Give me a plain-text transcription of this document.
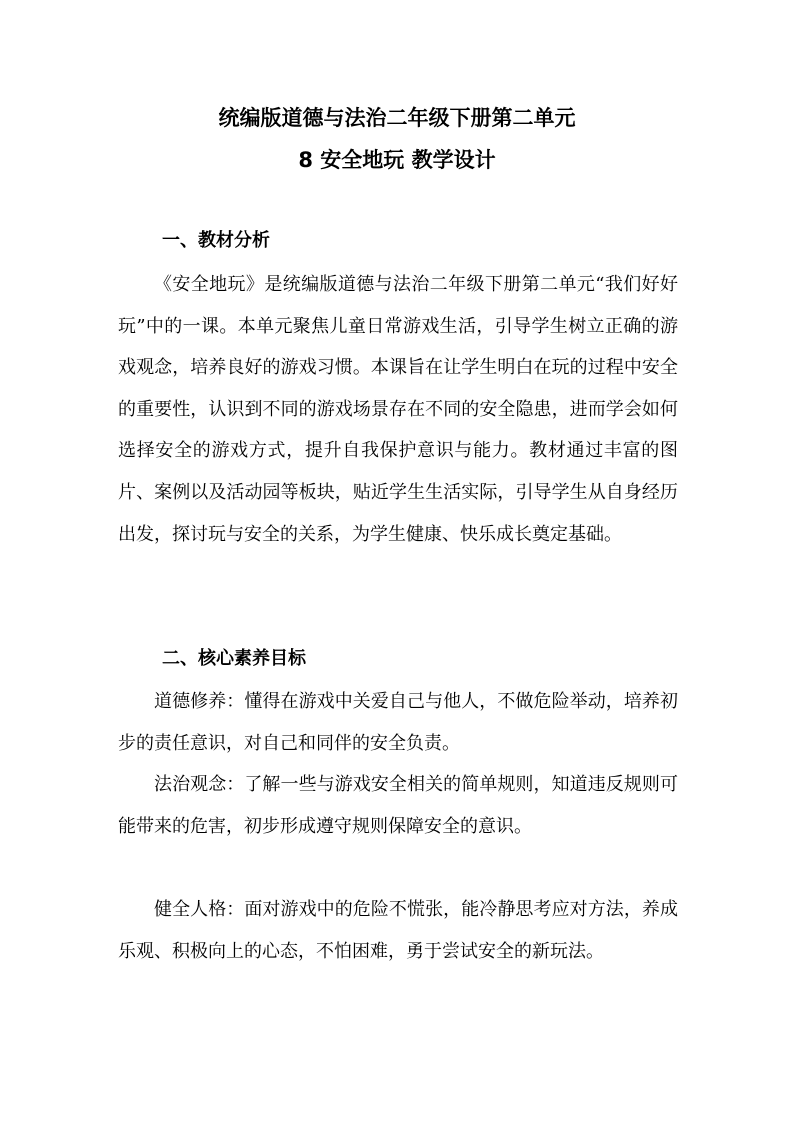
统编版道德与法治二年级下册第二单元
8 安全地玩 教学设计
一、教材分析

《安全地玩》是统编版道德与法治二年级下册第二单元“我们好好玩”中的一课。本单元聚焦儿童日常游戏生活，引导学生树立正确的游戏观念，培养良好的游戏习惯。本课旨在让学生明白在玩的过程中安全的重要性，认识到不同的游戏场景存在不同的安全隐患，进而学会如何选择安全的游戏方式，提升自我保护意识与能力。教材通过丰富的图片、案例以及活动园等板块，贴近学生生活实际，引导学生从自身经历出发，探讨玩与安全的关系，为学生健康、快乐成长奠定基础。

二、核心素养目标

道德修养：懂得在游戏中关爱自己与他人，不做危险举动，培养初步的责任意识，对自己和同伴的安全负责。

法治观念：了解一些与游戏安全相关的简单规则，知道违反规则可能带来的危害，初步形成遵守规则保障安全的意识。

健全人格：面对游戏中的危险不慌张，能冷静思考应对方法，养成乐观、积极向上的心态，不怕困难，勇于尝试安全的新玩法。
